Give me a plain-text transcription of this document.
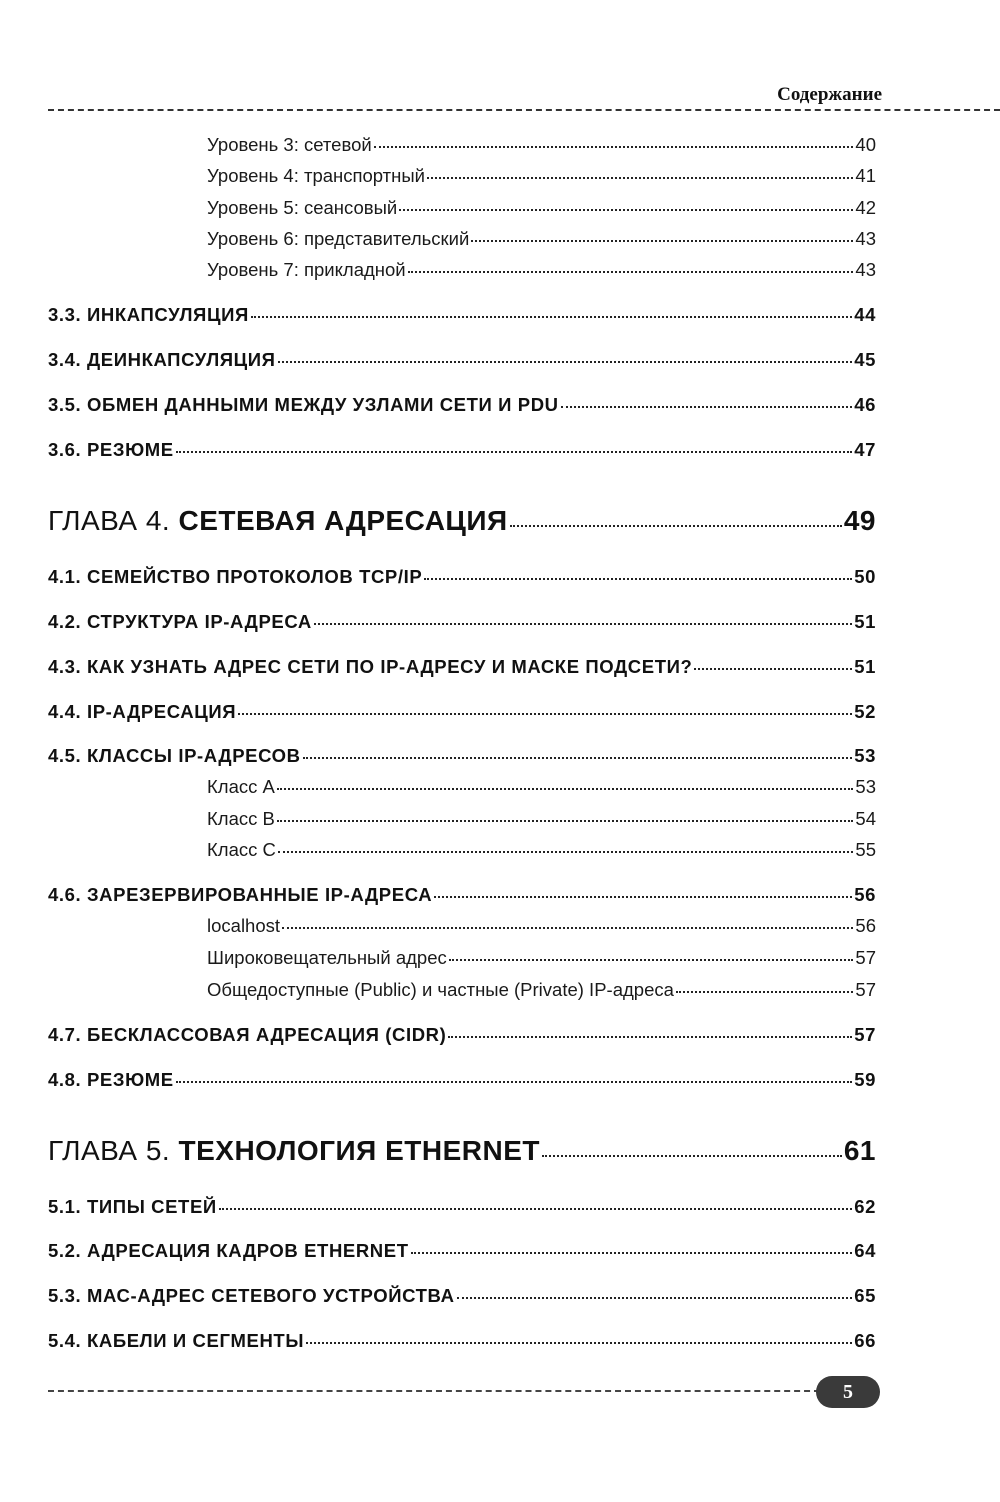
Содержание
Уровень 3: сетевой	40
Уровень 4: транспортный	41
Уровень 5: сеансовый	42
Уровень 6: представительский	43
Уровень 7: прикладной	43
3.3. ИНКАПСУЛЯЦИЯ	44
3.4. ДЕИНКАПСУЛЯЦИЯ	45
3.5. ОБМЕН ДАННЫМИ МЕЖДУ УЗЛАМИ СЕТИ И PDU	46
3.6. РЕЗЮМЕ	47
ГЛАВА 4. СЕТЕВАЯ АДРЕСАЦИЯ	49
4.1. СЕМЕЙСТВО ПРОТОКОЛОВ TCP/IP	50
4.2. СТРУКТУРА IP-АДРЕСА	51
4.3. КАК УЗНАТЬ АДРЕС СЕТИ ПО IP-АДРЕСУ И МАСКЕ ПОДСЕТИ?	51
4.4. IP-АДРЕСАЦИЯ	52
4.5. КЛАССЫ IP-АДРЕСОВ	53
Класс А	53
Класс В	54
Класс С	55
4.6. ЗАРЕЗЕРВИРОВАННЫЕ IP-АДРЕСА	56
localhost	56
Широковещательный адрес	57
Общедоступные (Public) и частные (Private) IP-адреса	57
4.7. БЕСКЛАССОВАЯ АДРЕСАЦИЯ (CIDR)	57
4.8. РЕЗЮМЕ	59
ГЛАВА 5. ТЕХНОЛОГИЯ ETHERNET	61
5.1. ТИПЫ СЕТЕЙ	62
5.2. АДРЕСАЦИЯ КАДРОВ ETHERNET	64
5.3. МАС-АДРЕС СЕТЕВОГО УСТРОЙСТВА	65
5.4. КАБЕЛИ И СЕГМЕНТЫ	66
5
